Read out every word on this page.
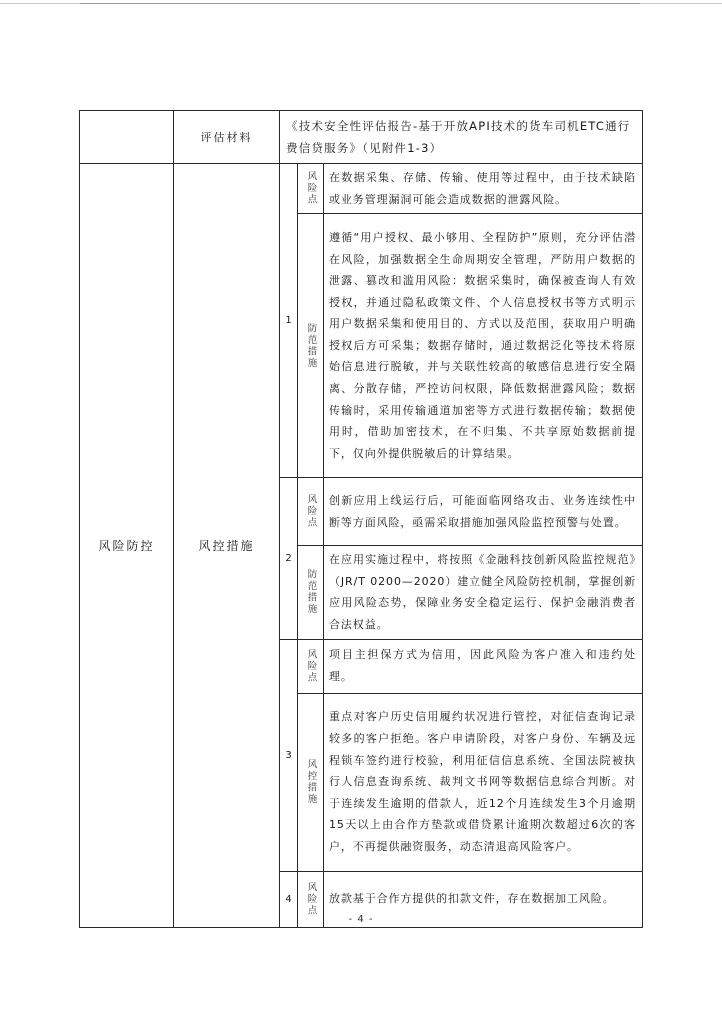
	评估材料	《技术安全性评估报告-基于开放API技术的货车司机ETC通行费信贷服务》（见附件1-3）		
风险防控	风控措施	1	风险点	在数据采集、存储、传输、使用等过程中，由于技术缺陷或业务管理漏洞可能会造成数据的泄露风险。
			防范措施	遵循“用户授权、最小够用、全程防护”原则，充分评估潜在风险，加强数据全生命周期安全管理，严防用户数据的泄露、篡改和滥用风险：数据采集时，确保被查询人有效授权，并通过隐私政策文件、个人信息授权书等方式明示用户数据采集和使用目的、方式以及范围，获取用户明确授权后方可采集；数据存储时，通过数据泛化等技术将原始信息进行脱敏，并与关联性较高的敏感信息进行安全隔离、分散存储，严控访问权限，降低数据泄露风险；数据传输时，采用传输通道加密等方式进行数据传输；数据使用时，借助加密技术，在不归集、不共享原始数据前提下，仅向外提供脱敏后的计算结果。
		2	风险点	创新应用上线运行后，可能面临网络攻击、业务连续性中断等方面风险，亟需采取措施加强风险监控预警与处置。
			防范措施	在应用实施过程中，将按照《金融科技创新风险监控规范》（JR/T 0200—2020）建立健全风险防控机制，掌握创新应用风险态势，保障业务安全稳定运行、保护金融消费者合法权益。
		3	风险点	项目主担保方式为信用，因此风险为客户准入和违约处理。
			风控措施	重点对客户历史信用履约状况进行管控，对征信查询记录较多的客户拒绝。客户申请阶段，对客户身份、车辆及远程锁车签约进行校验，利用征信信息系统、全国法院被执行人信息查询系统、裁判文书网等数据信息综合判断。对于连续发生逾期的借款人，近12个月连续发生3个月逾期15天以上由合作方垫款或借贷累计逾期次数超过6次的客户，不再提供融资服务，动态清退高风险客户。
		4	风险点	放款基于合作方提供的扣款文件，存在数据加工风险。
- 4 -
